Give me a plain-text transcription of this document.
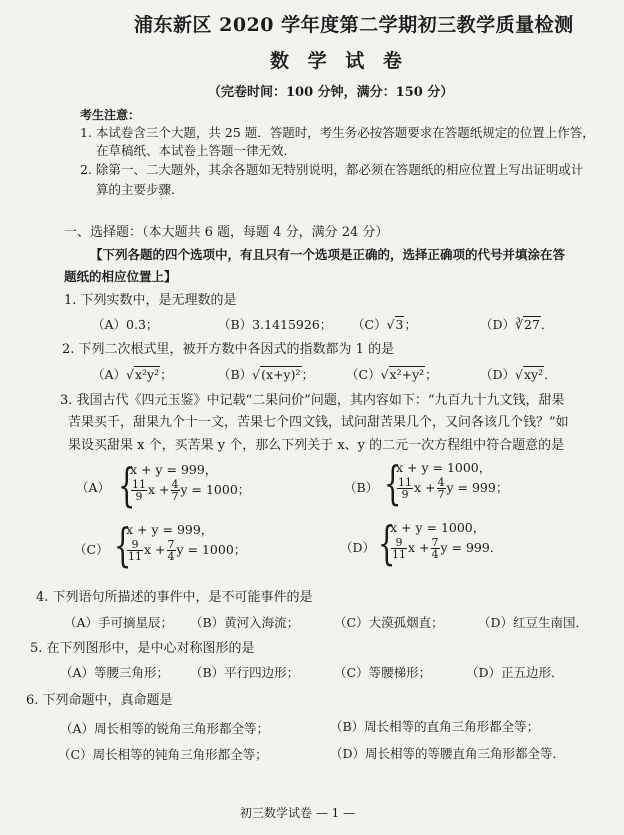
浦东新区 2020 学年度第二学期初三教学质量检测
数 学 试 卷
（完卷时间：100 分钟，满分：150 分）
考生注意：
1. 本试卷含三个大题，共 25 题．答题时，考生务必按答题要求在答题纸规定的位置上作答，
在草稿纸、本试卷上答题一律无效．
2. 除第一、二大题外，其余各题如无特别说明，都必须在答题纸的相应位置上写出证明或计
算的主要步骤．
一、选择题：（本大题共 6 题，每题 4 分，满分 24 分）
【下列各题的四个选项中，有且只有一个选项是正确的，选择正确项的代号并填涂在答
题纸的相应位置上】
1. 下列实数中，是无理数的是
（A）0.3̇；	（B）3.1415926； （C）√3；	（D）∛27．
2. 下列二次根式里，被开方数中各因式的指数都为 1 的是
（A）√x²y²；	（B）√(x+y)²；	（C）√x²+y²；	（D）√xy²．
3. 我国古代《四元玉鉴》中记载“二果问价”问题，其内容如下：“九百九十九文钱，甜果
苦果买千，甜果九个十一文，苦果七个四文钱，试问甜苦果几个，又问各该几个钱？”如
果设买甜果 x 个，买苦果 y 个，那么下列关于 x、y 的二元一次方程组中符合题意的是
（A） {
x + y = 999，
$\frac{11}{9}$ $x + \frac{4}{7}$ y = 1000；	（B） {
x + y = 1000，
$\frac{11}{9}$ $x + \frac{4}{7}$ y = 999；
（C） {
x + y = 999，
$\frac{9}{11}$ $x + \frac{7}{4}$ y = 1000；	（D） {
x + y = 1000，
$\frac{9}{11}$ $x + \frac{7}{4}$ y = 999．
4. 下列语句所描述的事件中，是不可能事件的是
（A）手可摘星辰； （B）黄河入海流；	（C）大漠孤烟直；	（D）红豆生南国．
5. 在下列图形中，是中心对称图形的是
（A）等腰三角形； （B）平行四边形；	（C）等腰梯形；	（D）正五边形．
6. 下列命题中，真命题是
（A）周长相等的锐角三角形都全等；	（B）周长相等的直角三角形都全等；
（C）周长相等的钝角三角形都全等；	（D）周长相等的等腰直角三角形都全等．
初三数学试卷 — 1 —
